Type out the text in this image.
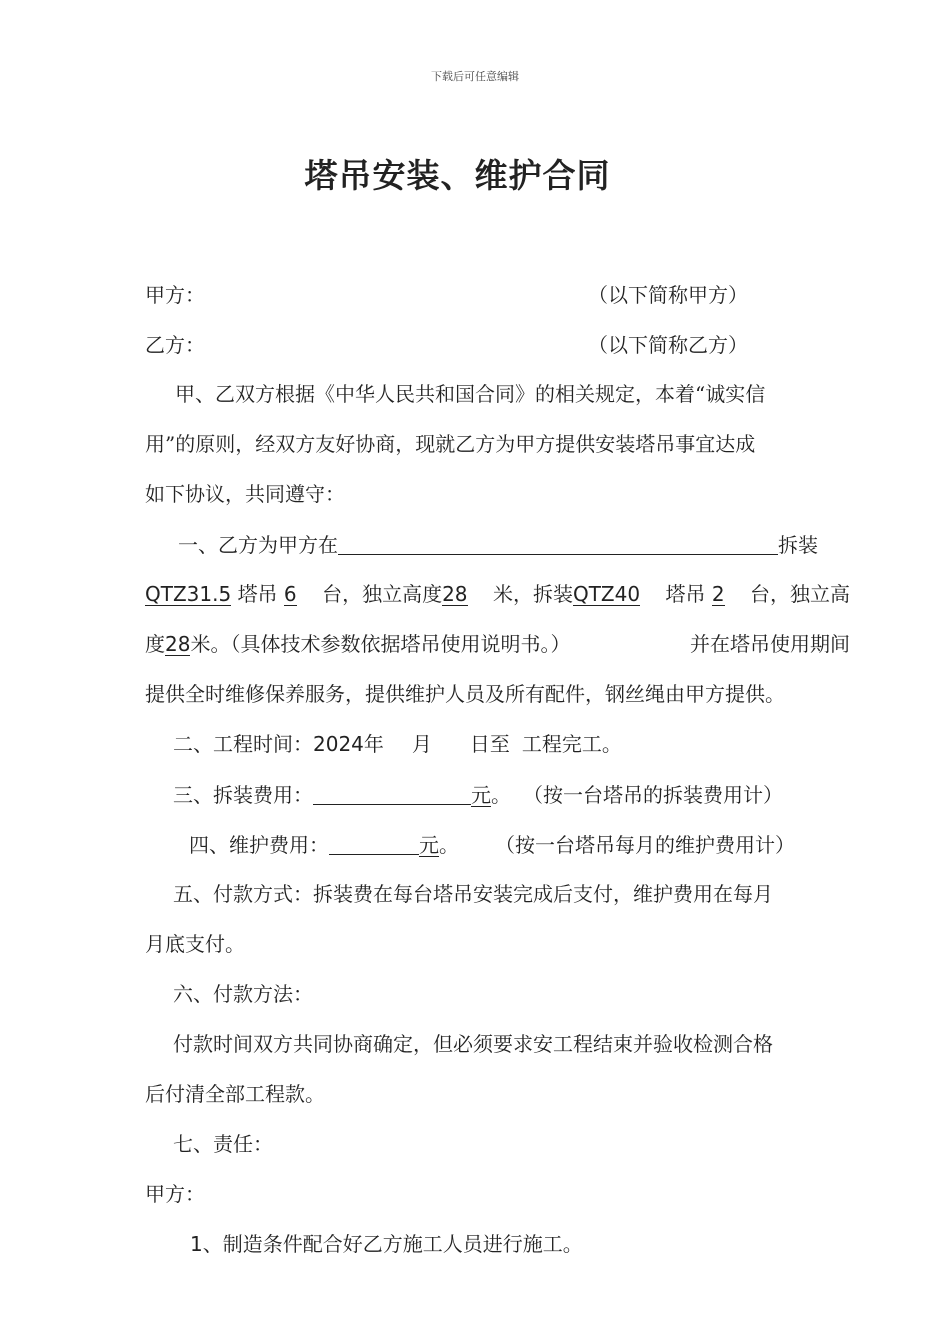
下载后可任意编辑
塔吊安装、维护合同
甲方：	（以下简称甲方）
乙方：	（以下简称乙方）
甲、乙双方根据《中华人民共和国合同》的相关规定，本着“诚实信
用”的原则，经双方友好协商，现就乙方为甲方提供安装塔吊事宜达成
如下协议，共同遵守：
一、乙方为甲方在	拆装
QTZ31.5 塔吊 6 台，独立高度28 米，拆装QTZ40 塔吊 2 台，独立高
度28米。（具体技术参数依据塔吊使用说明书。）	并在塔吊使用期间
提供全时维修保养服务，提供维护人员及所有配件，钢丝绳由甲方提供。
二、工程时间：2024年 月 日至 工程完工。
三、拆装费用：	元。 （按一台塔吊的拆装费用计）
四、维护费用：	元。 （按一台塔吊每月的维护费用计）
五、付款方式：拆装费在每台塔吊安装完成后支付，维护费用在每月
月底支付。
六、付款方法：
付款时间双方共同协商确定，但必须要求安工程结束并验收检测合格
后付清全部工程款。
七、责任：
甲方：
1、制造条件配合好乙方施工人员进行施工。
